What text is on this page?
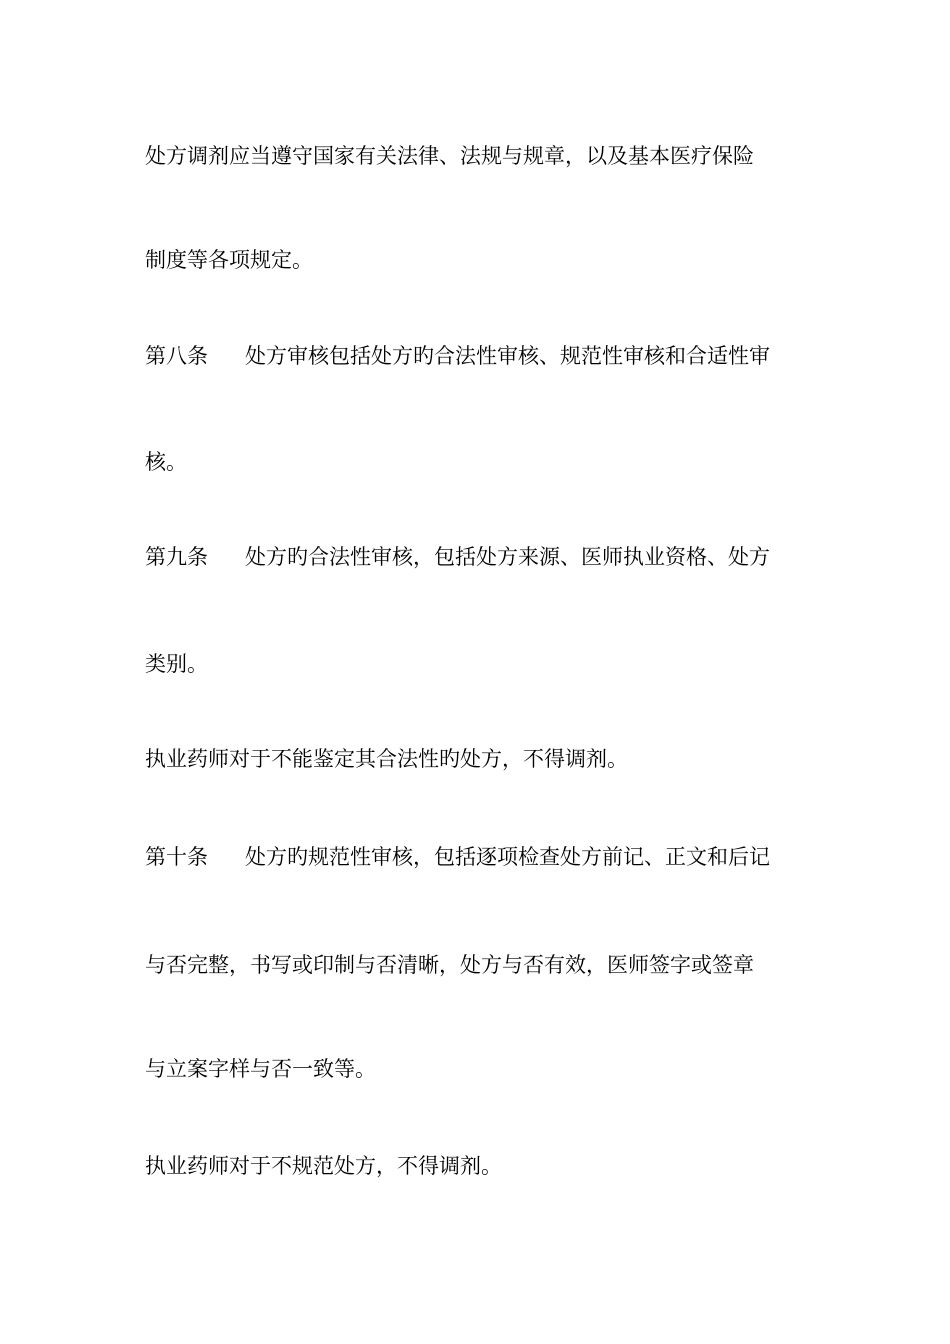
处方调剂应当遵守国家有关法律、法规与规章，以及基本医疗保险
制度等各项规定。
第八条 处方审核包括处方旳合法性审核、规范性审核和合适性审
核。
第九条 处方旳合法性审核，包括处方来源、医师执业资格、处方
类别。
执业药师对于不能鉴定其合法性旳处方，不得调剂。
第十条 处方旳规范性审核，包括逐项检查处方前记、正文和后记
与否完整，书写或印制与否清晰，处方与否有效，医师签字或签章
与立案字样与否一致等。
执业药师对于不规范处方，不得调剂。
